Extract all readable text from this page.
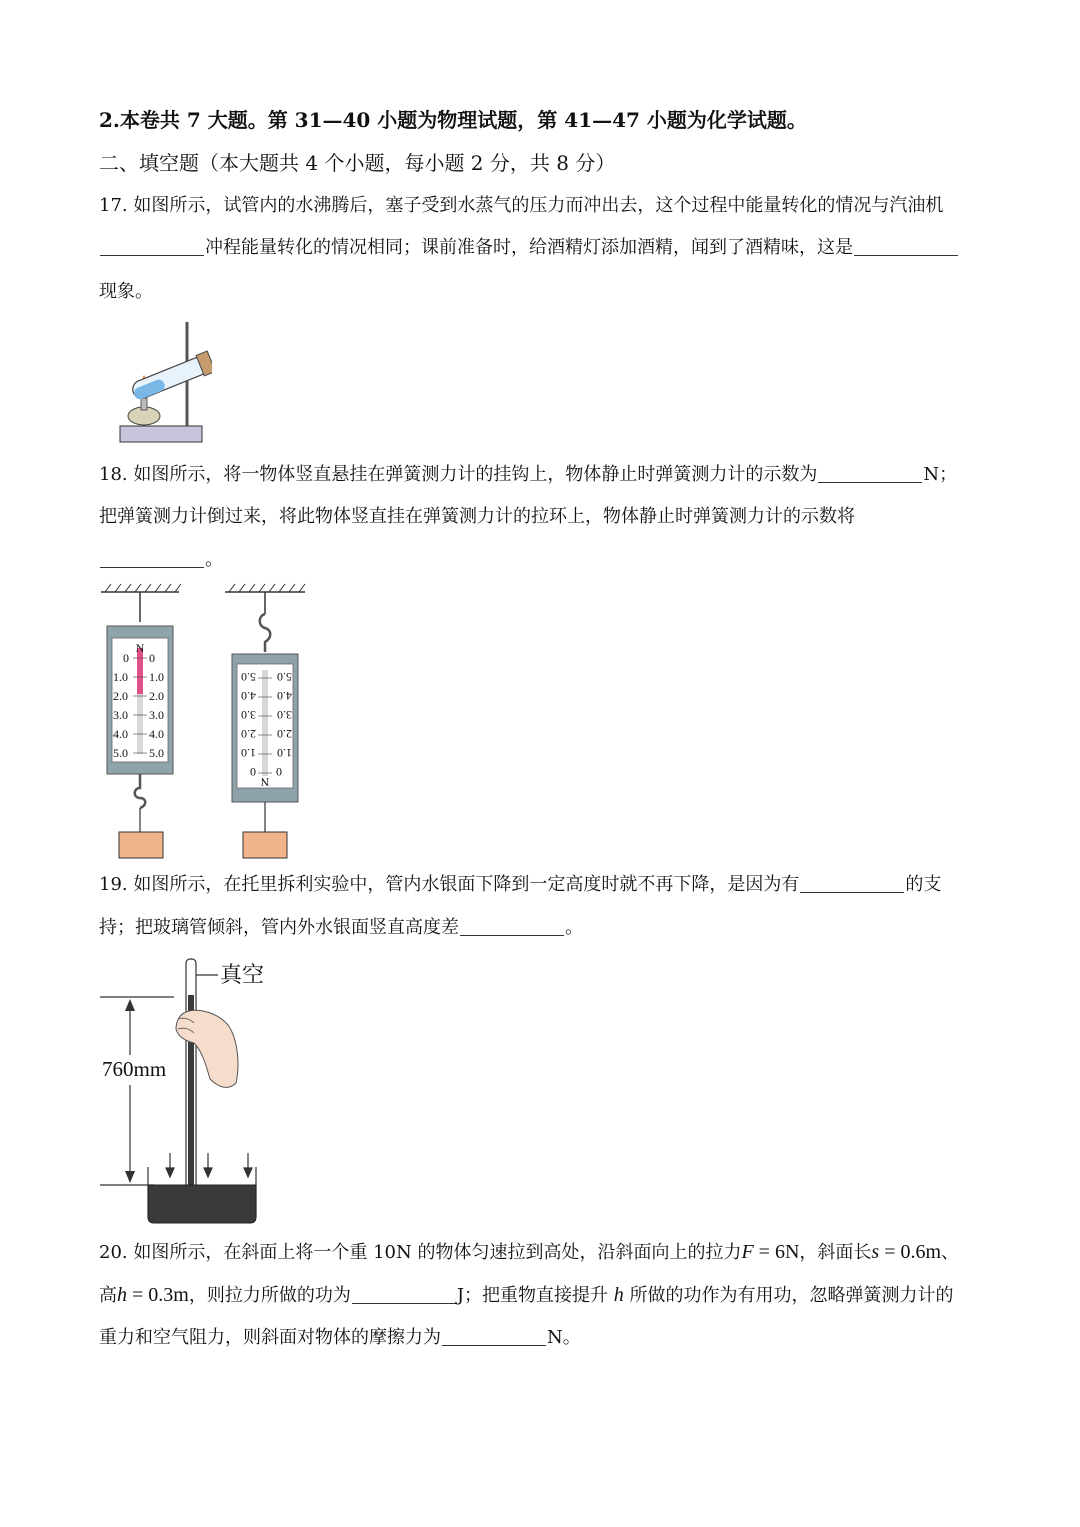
2.本卷共 7 大题。第 31—40 小题为物理试题，第 41—47 小题为化学试题。
二、填空题（本大题共 4 个小题，每小题 2 分，共 8 分）
17. 如图所示，试管内的水沸腾后，塞子受到水蒸气的压力而冲出去，这个过程中能量转化的情况与汽油机
冲程能量转化的情况相同；课前准备时，给酒精灯添加酒精，闻到了酒精味，这是
现象。
18. 如图所示，将一物体竖直悬挂在弹簧测力计的挂钩上，物体静止时弹簧测力计的示数为	N；
把弹簧测力计倒过来，将此物体竖直挂在弹簧测力计的拉环上，物体静止时弹簧测力计的示数将
。
N
0
1.0
2.0
3.0
4.0
5.0
0
1.0
2.0
3.0
4.0
5.0
N
0
1.0
2.0
3.0
4.0
5.0
0
1.0
2.0
3.0
4.0
5.0
19. 如图所示，在托里拆利实验中，管内水银面下降到一定高度时就不再下降，是因为有	的支
持；把玻璃管倾斜，管内外水银面竖直高度差	。
真空
760mm
20. 如图所示，在斜面上将一个重 10N 的物体匀速拉到高处，沿斜面向上的拉力F = 6N，斜面长s = 0.6m、
高h = 0.3m，则拉力所做的功为	J；把重物直接提升 h 所做的功作为有用功，忽略弹簧测力计的
重力和空气阻力，则斜面对物体的摩擦力为	N。
